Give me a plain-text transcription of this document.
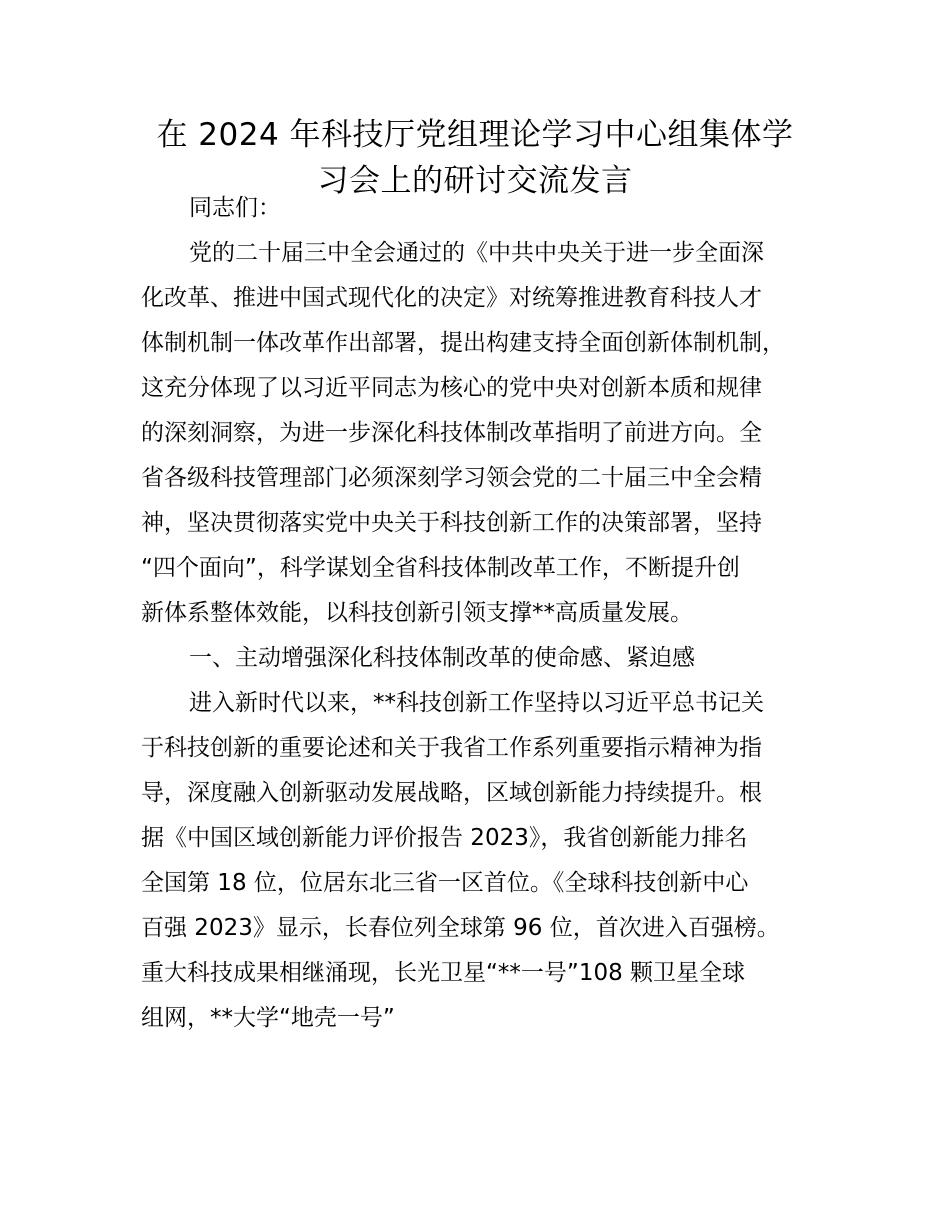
在 2024 年科技厅党组理论学习中心组集体学
习会上的研讨交流发言

同志们：

党的二十届三中全会通过的《中共中央关于进一步全面深
化改革、推进中国式现代化的决定》对统筹推进教育科技人才
体制机制一体改革作出部署，提出构建支持全面创新体制机制，
这充分体现了以习近平同志为核心的党中央对创新本质和规律
的深刻洞察，为进一步深化科技体制改革指明了前进方向。全
省各级科技管理部门必须深刻学习领会党的二十届三中全会精
神，坚决贯彻落实党中央关于科技创新工作的决策部署，坚持
“四个面向”，科学谋划全省科技体制改革工作，不断提升创
新体系整体效能，以科技创新引领支撑**高质量发展。

一、主动增强深化科技体制改革的使命感、紧迫感

进入新时代以来，**科技创新工作坚持以习近平总书记关
于科技创新的重要论述和关于我省工作系列重要指示精神为指
导，深度融入创新驱动发展战略，区域创新能力持续提升。根
据《中国区域创新能力评价报告 2023》，我省创新能力排名
全国第 18 位，位居东北三省一区首位。《全球科技创新中心
百强 2023》显示，长春位列全球第 96 位，首次进入百强榜。
重大科技成果相继涌现，长光卫星“**一号”108 颗卫星全球
组网，**大学“地壳一号”
